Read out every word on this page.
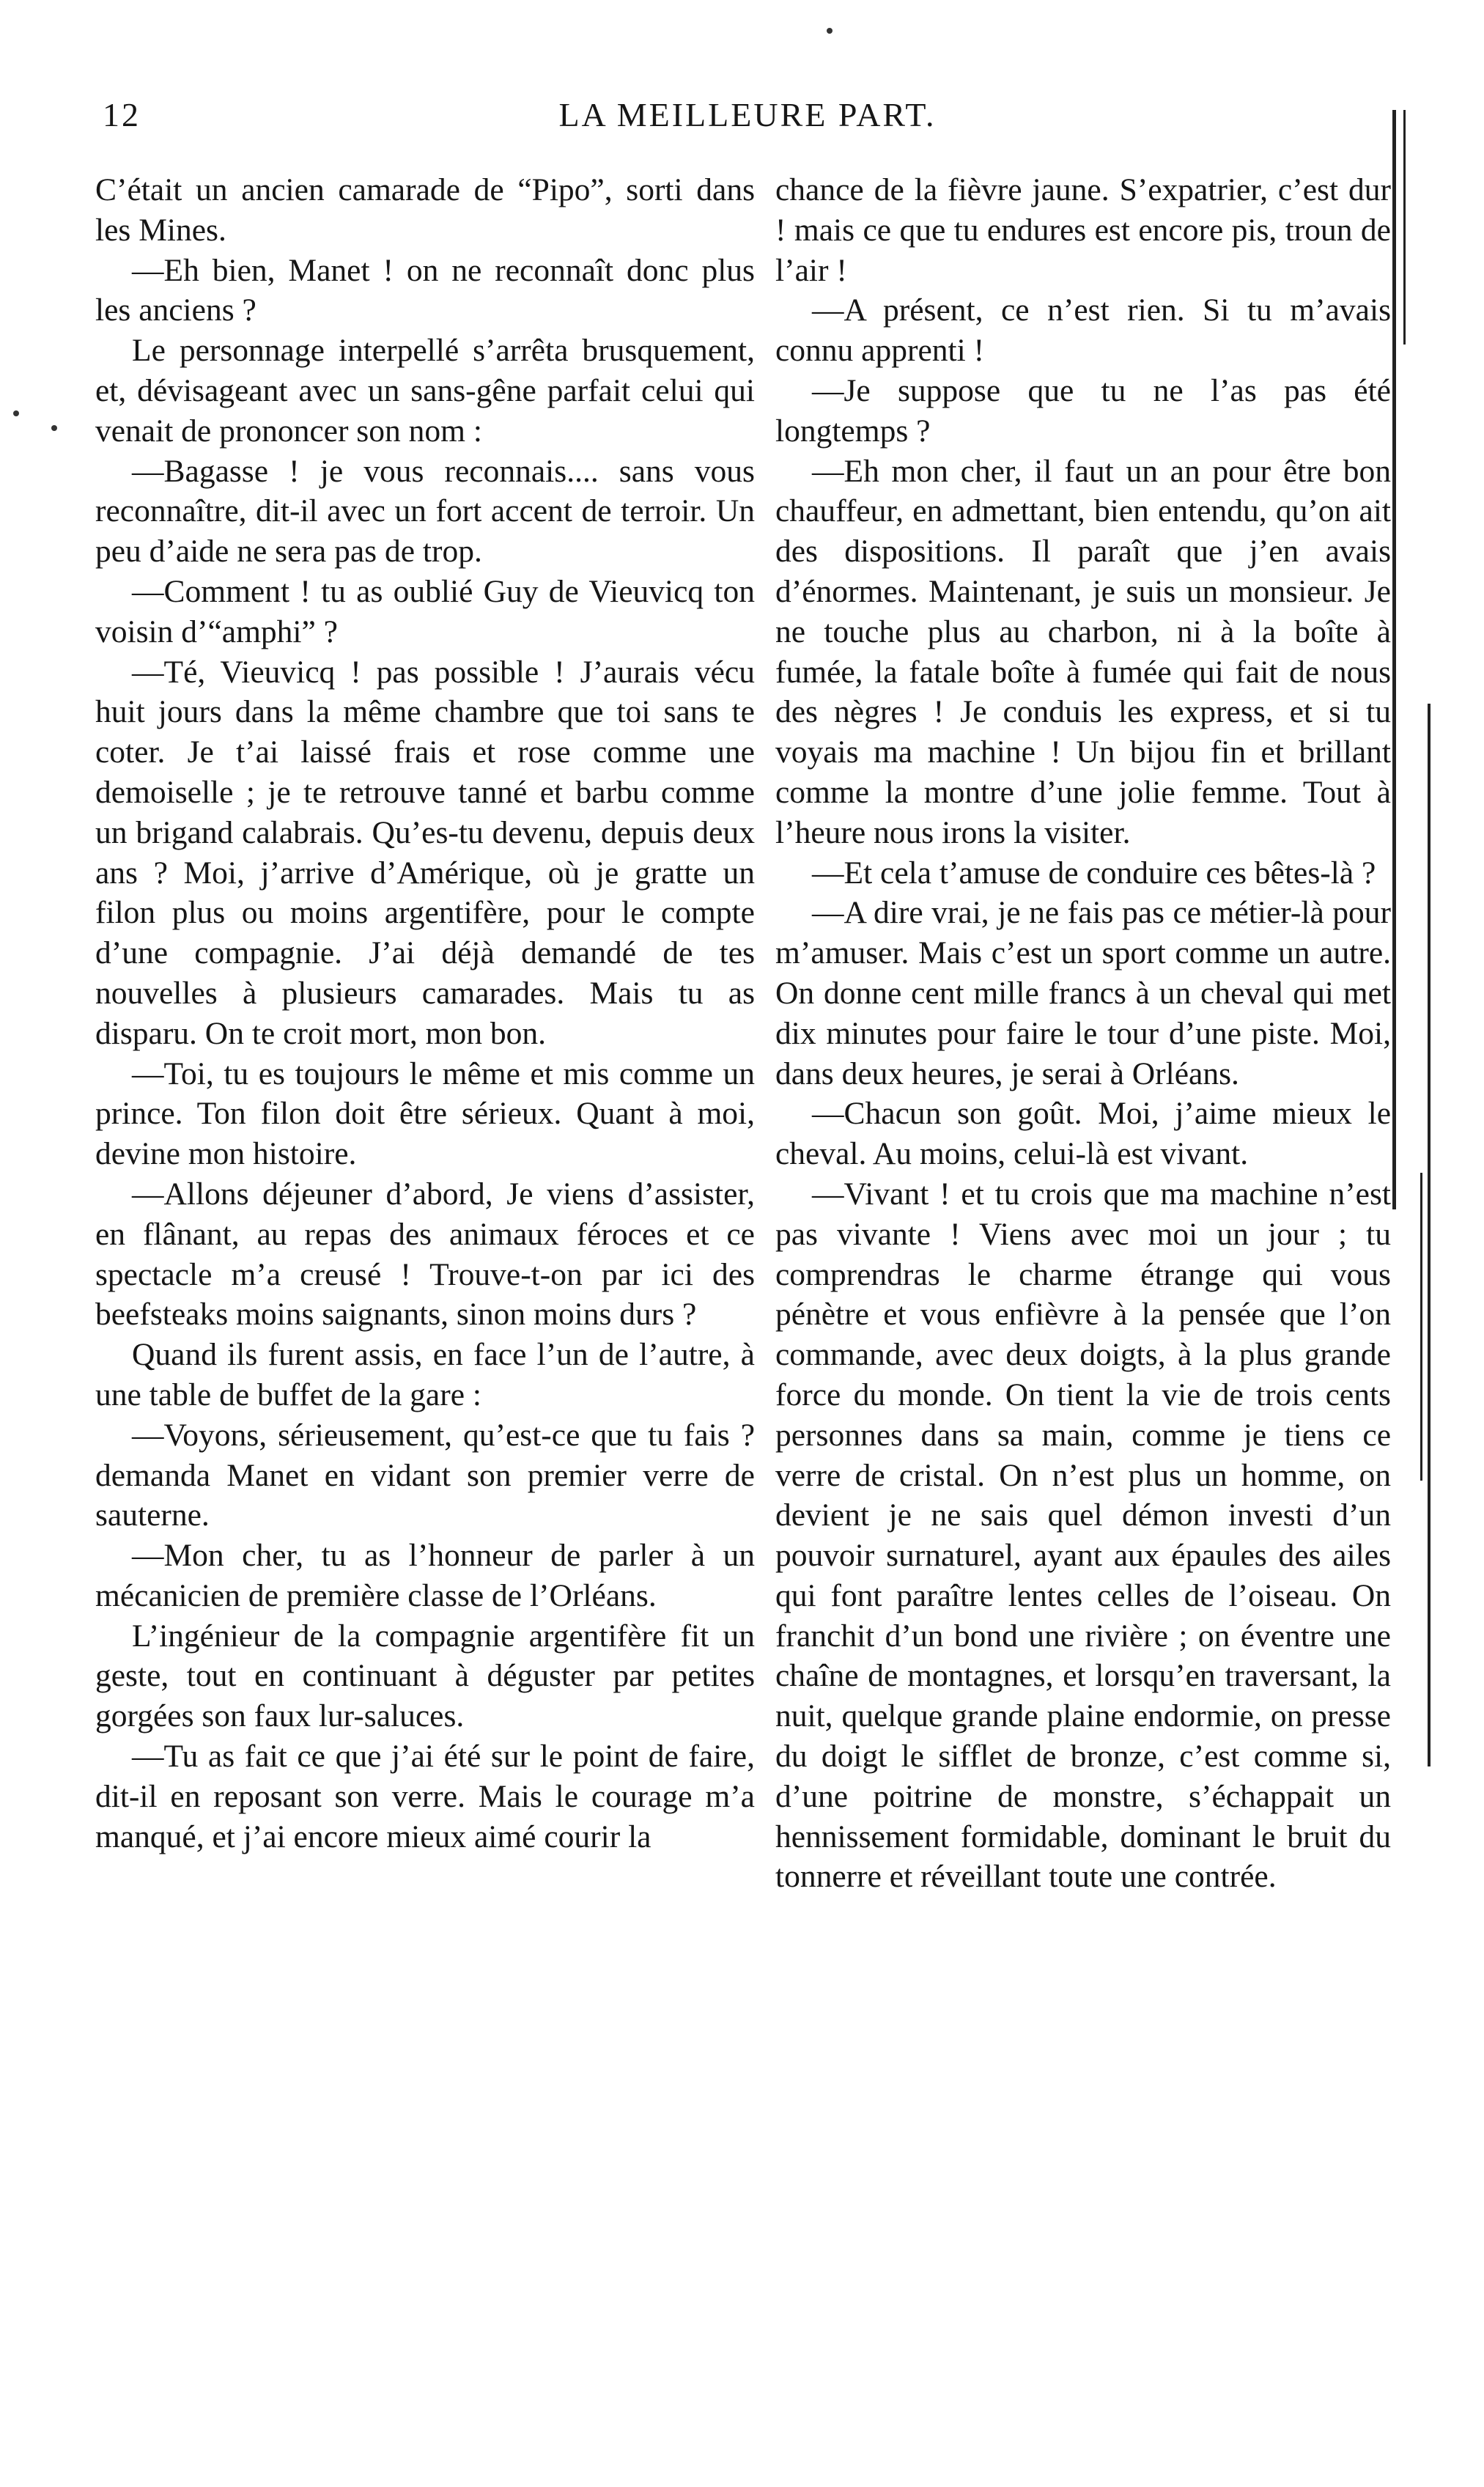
12	LA MEILLEURE PART.

C’était un ancien camarade de “Pipo”, sorti dans les Mines.

—Eh bien, Manet ! on ne reconnaît donc plus les anciens ?

Le personnage interpellé s’arrêta brusquement, et, dévisageant avec un sans-gêne parfait celui qui venait de prononcer son nom :

—Bagasse ! je vous reconnais.... sans vous reconnaître, dit-il avec un fort accent de terroir. Un peu d’aide ne sera pas de trop.

—Comment ! tu as oublié Guy de Vieuvicq ton voisin d’“amphi” ?

—Té, Vieuvicq ! pas possible ! J’aurais vécu huit jours dans la même chambre que toi sans te coter. Je t’ai laissé frais et rose comme une demoiselle ; je te retrouve tanné et barbu comme un brigand calabrais. Qu’es-tu devenu, depuis deux ans ? Moi, j’arrive d’Amérique, où je gratte un filon plus ou moins argentifère, pour le compte d’une compagnie. J’ai déjà demandé de tes nouvelles à plusieurs camarades. Mais tu as disparu. On te croit mort, mon bon.

—Toi, tu es toujours le même et mis comme un prince. Ton filon doit être sérieux. Quant à moi, devine mon histoire.

—Allons déjeuner d’abord, Je viens d’assister, en flânant, au repas des animaux féroces et ce spectacle m’a creusé ! Trouve-t-on par ici des beefsteaks moins saignants, sinon moins durs ?

Quand ils furent assis, en face l’un de l’autre, à une table de buffet de la gare :

—Voyons, sérieusement, qu’est-ce que tu fais ? demanda Manet en vidant son premier verre de sauterne.

—Mon cher, tu as l’honneur de parler à un mécanicien de première classe de l’Orléans.

L’ingénieur de la compagnie argentifère fit un geste, tout en continuant à déguster par petites gorgées son faux lur-saluces.

—Tu as fait ce que j’ai été sur le point de faire, dit-il en reposant son verre. Mais le courage m’a manqué, et j’ai encore mieux aimé courir la

chance de la fièvre jaune. S’expatrier, c’est dur ! mais ce que tu endures est encore pis, troun de l’air !

—A présent, ce n’est rien. Si tu m’avais connu apprenti !

—Je suppose que tu ne l’as pas été longtemps ?

—Eh mon cher, il faut un an pour être bon chauffeur, en admettant, bien entendu, qu’on ait des dispositions. Il paraît que j’en avais d’énormes. Maintenant, je suis un monsieur. Je ne touche plus au charbon, ni à la boîte à fumée, la fatale boîte à fumée qui fait de nous des nègres ! Je conduis les express, et si tu voyais ma machine ! Un bijou fin et brillant comme la montre d’une jolie femme. Tout à l’heure nous irons la visiter.

—Et cela t’amuse de conduire ces bêtes-là ?

—A dire vrai, je ne fais pas ce métier-là pour m’amuser. Mais c’est un sport comme un autre. On donne cent mille francs à un cheval qui met dix minutes pour faire le tour d’une piste. Moi, dans deux heures, je serai à Orléans.

—Chacun son goût. Moi, j’aime mieux le cheval. Au moins, celui-là est vivant.

—Vivant ! et tu crois que ma machine n’est pas vivante ! Viens avec moi un jour ; tu comprendras le charme étrange qui vous pénètre et vous enfièvre à la pensée que l’on commande, avec deux doigts, à la plus grande force du monde. On tient la vie de trois cents personnes dans sa main, comme je tiens ce verre de cristal. On n’est plus un homme, on devient je ne sais quel démon investi d’un pouvoir surnaturel, ayant aux épaules des ailes qui font paraître lentes celles de l’oiseau. On franchit d’un bond une rivière ; on éventre une chaîne de montagnes, et lorsqu’en traversant, la nuit, quelque grande plaine endormie, on presse du doigt le sifflet de bronze, c’est comme si, d’une poitrine de monstre, s’échappait un hennissement formidable, dominant le bruit du tonnerre et réveillant toute une contrée.
